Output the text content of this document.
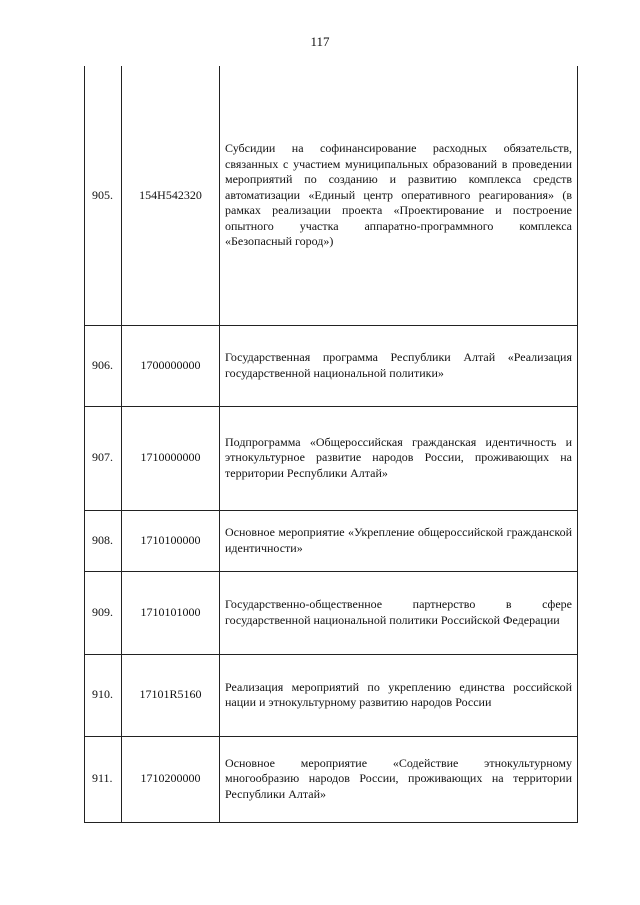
117
905.	154H542320	Субсидии на софинансирование расходных обязательств, связанных с участием муниципальных образований в проведении мероприятий по созданию и развитию комплекса средств автоматизации «Единый центр оперативного реагирования» (в рамках реализации проекта «Проектирование и построение опытного участка аппаратно-программного комплекса «Безопасный город»)
906.	1700000000	Государственная программа Республики Алтай «Реализация государственной национальной политики»
907.	1710000000	Подпрограмма «Общероссийская гражданская идентичность и этнокультурное развитие народов России, проживающих на территории Республики Алтай»
908.	1710100000	Основное мероприятие «Укрепление общероссийской гражданской идентичности»
909.	1710101000	Государственно-общественное партнерство в сфере государственной национальной политики Российской Федерации
910.	17101R5160	Реализация мероприятий по укреплению единства российской нации и этнокультурному развитию народов России
911.	1710200000	Основное мероприятие «Содействие этнокультурному многообразию народов России, проживающих на территории Республики Алтай»
